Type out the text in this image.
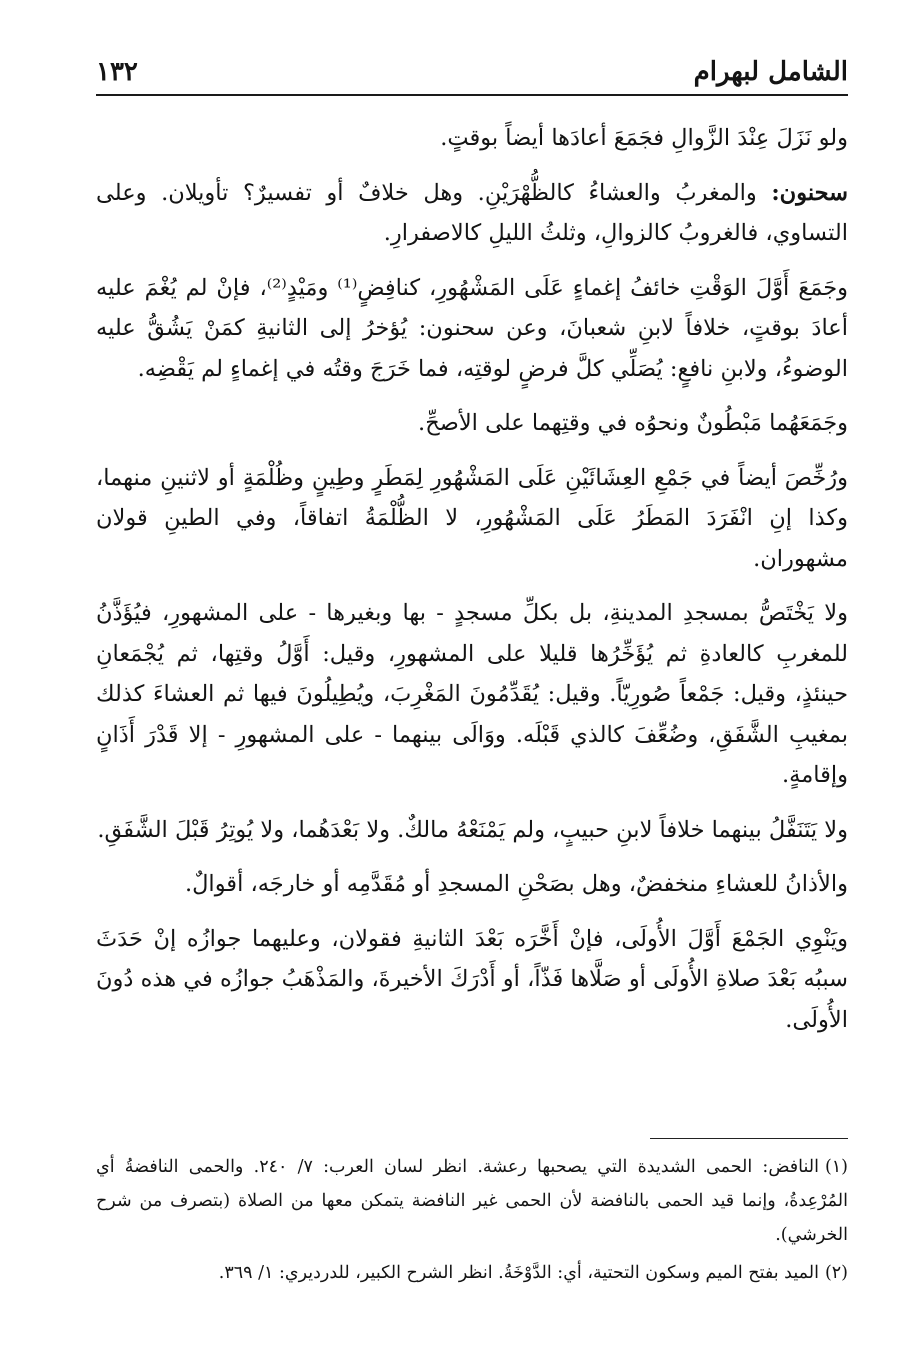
الشامل لبهرام
١٣٢

ولو نَزَلَ عِنْدَ الزَّوالِ فجَمَعَ أعادَها أيضاً بوقتٍ.

سحنون: والمغربُ والعشاءُ كالظُّهْرَيْنِ. وهل خلافٌ أو تفسيرٌ؟ تأويلان. وعلى التساوي، فالغروبُ كالزوالِ، وثلثُ الليلِ كالاصفرارِ.

وجَمَعَ أَوَّلَ الوَقْتِ خائفُ إغماءٍ عَلَى المَشْهُورِ، كنافِضٍ⁽¹⁾ ومَيْدٍ⁽²⁾، فإنْ لم يُغْمَ عليه أعادَ بوقتٍ، خلافاً لابنِ شعبانَ، وعن سحنون: يُؤخرُ إلى الثانيةِ كمَنْ يَشُقُّ عليه الوضوءُ، ولابنِ نافعٍ: يُصَلِّي كلَّ فرضٍ لوقتِه، فما خَرَجَ وقتُه في إغماءٍ لم يَقْضِه.

وجَمَعَهُما مَبْطُونٌ ونحوُه في وقتِهما على الأصحِّ.

ورُخِّصَ أيضاً في جَمْعِ العِشَائَيْنِ عَلَى المَشْهُورِ لِمَطَرٍ وطِينٍ وظُلْمَةٍ أو لاثنينِ منهما، وكذا إنِ انْفَرَدَ المَطَرُ عَلَى المَشْهُورِ، لا الظُّلْمَةُ اتفاقاً، وفي الطينِ قولان مشهوران.

ولا يَخْتَصُّ بمسجدِ المدينةِ، بل بكلِّ مسجدٍ - بها وبغيرها - على المشهورِ، فيُؤَذَّنُ للمغربِ كالعادةِ ثم يُؤَخِّرُها قليلا على المشهورِ، وقيل: أَوَّلُ وقتِها، ثم يُجْمَعانِ حينئذٍ، وقيل: جَمْعاً صُورِيّاً. وقيل: يُقَدِّمُونَ المَغْرِبَ، ويُطِيلُونَ فيها ثم العشاءَ كذلك بمغيبِ الشَّفَقِ، وضُعِّفَ كالذي قَبْلَه. ووَالَى بينهما - على المشهورِ - إلا قَدْرَ أَذَانٍ وإقامةٍ.

ولا يَتَنَفَّلُ بينهما خلافاً لابنِ حبيبٍ، ولم يَمْنَعْهُ مالكٌ. ولا بَعْدَهُما، ولا يُوتِرُ قَبْلَ الشَّفَقِ.

والأذانُ للعشاءِ منخفضٌ، وهل بصَحْنِ المسجدِ أو مُقَدَّمِه أو خارجَه، أقوالٌ.

ويَنْوِي الجَمْعَ أَوَّلَ الأُولَى، فإنْ أَخَّرَه بَعْدَ الثانيةِ فقولان، وعليهما جوازُه إنْ حَدَثَ سببُه بَعْدَ صلاةِ الأُولَى أو صَلَّاها فَذّاً، أو أَدْرَكَ الأخيرةَ، والمَذْهَبُ جوازُه في هذه دُونَ الأُولَى.

(١)النافض: الحمى الشديدة التي يصحبها رعشة. انظر لسان العرب: ٧/ ٢٤٠. والحمى النافضةُ أي المُرْعِدةُ، وإنما قيد الحمى بالنافضة لأن الحمى غير النافضة يتمكن معها من الصلاة (بتصرف من شرح الخرشي).

(٢)الميد بفتح الميم وسكون التحتية، أي: الدَّوْخَةُ. انظر الشرح الكبير، للدرديري: ١/ ٣٦٩.
